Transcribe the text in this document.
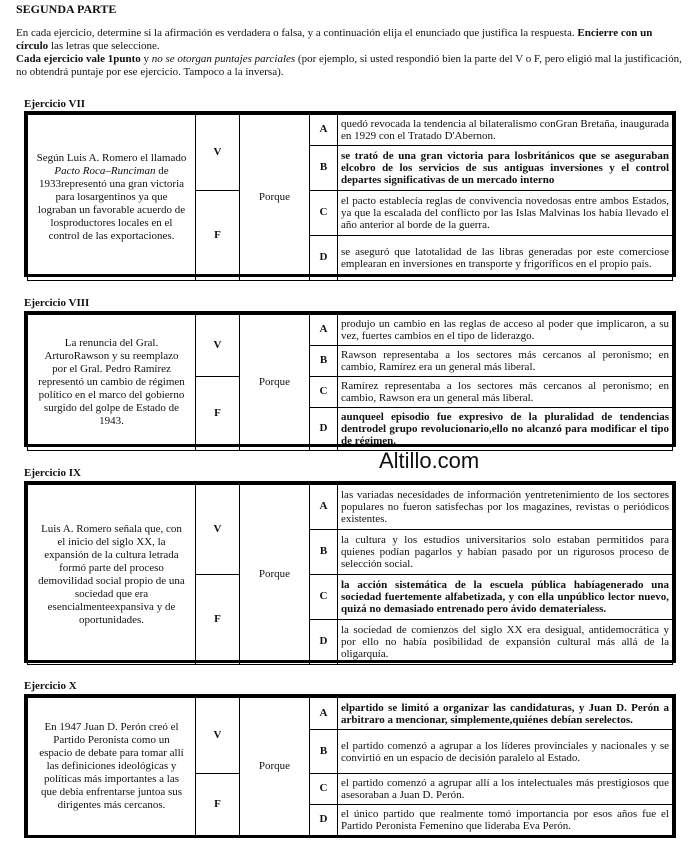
SEGUNDA PARTE
En cada ejercicio, determine si la afirmación es verdadera o falsa, y a continuación elija el enunciado que justifica la respuesta. Encierre con un círculo las letras que seleccione.
Cada ejercicio vale 1punto y no se otorgan puntajes parciales (por ejemplo, si usted respondió bien la parte del V o F, pero eligió mal la justificación, no obtendrá puntaje por ese ejercicio. Tampoco a la inversa).
Ejercicio VII
Según Luis A. Romero el llamado Pacto Roca–Runciman de 1933representó una gran victoria para losargentinos ya que lograban un favorable acuerdo de losproductores locales en el control de las exportaciones.	V	Porque	A	quedó revocada la tendencia al bilateralismo conGran Bretaña, inaugurada en 1929 con el Tratado D'Abernon.
			B	se trató de una gran victoria para losbritánicos que se aseguraban elcobro de los servicios de sus antiguas inversiones y el control departes significativas de un mercado interno
	F		C	el pacto establecía reglas de convivencia novedosas entre ambos Estados, ya que la escalada del conflicto por las Islas Malvinas los había llevado el año anterior al borde de la guerra.
			D	se aseguró que latotalidad de las libras generadas por este comerciose emplearan en inversiones en transporte y frigoríficos en el propio país.
Ejercicio VIII
La renuncia del Gral. ArturoRawson y su reemplazo por el Gral. Pedro Ramírez representó un cambio de régimen político en el marco del gobierno surgido del golpe de Estado de 1943.	V	Porque	A	produjo un cambio en las reglas de acceso al poder que implicaron, a su vez, fuertes cambios en el tipo de liderazgo.
			B	Rawson representaba a los sectores más cercanos al peronismo; en cambio, Ramírez era un general más liberal.
	F		C	Ramírez representaba a los sectores más cercanos al peronismo; en cambio, Rawson era un general más liberal.
			D	aunqueel episodio fue expresivo de la pluralidad de tendencias dentrodel grupo revolucionario,ello no alcanzó para modificar el tipo de régimen.
Altillo.com
Ejercicio IX
Luis A. Romero señala que, con el inicio del siglo XX, la expansión de la cultura letrada formó parte del proceso demovilidad social propio de una sociedad que era esencialmenteexpansiva y de oportunidades.	V	Porque	A	las variadas necesidades de información yentretenimiento de los sectores populares no fueron satisfechas por los magazines, revistas o periódicos existentes.
			B	la cultura y los estudios universitarios solo estaban permitidos para quienes podían pagarlos y habían pasado por un rigurosos proceso de selección social.
	F		C	la acción sistemática de la escuela pública habíagenerado una sociedad fuertemente alfabetizada, y con ella unpúblico lector nuevo, quizá no demasiado entrenado pero ávido dematerialess.
			D	la sociedad de comienzos del siglo XX era desigual, antidemocrática y por ello no había posibilidad de expansión cultural más allá de la oligarquía.
Ejercicio X
En 1947 Juan D. Perón creó el Partido Peronista como un espacio de debate para tomar allí las definiciones ideológicas y políticas más importantes a las que debía enfrentarse juntoa sus dirigentes más cercanos.	V	Porque	A	elpartido se limitó a organizar las candidaturas, y Juan D. Perón a arbitraro a mencionar, simplemente,quiénes debían serelectos.
			B	el partido comenzó a agrupar a los líderes provinciales y nacionales y se convirtió en un espacio de decisión paralelo al Estado.
	F		C	el partido comenzó a agrupar allí a los intelectuales más prestigiosos que asesoraban a Juan D. Perón.
			D	el único partido que realmente tomó importancia por esos años fue el Partido Peronista Femenino que lideraba Eva Perón.
